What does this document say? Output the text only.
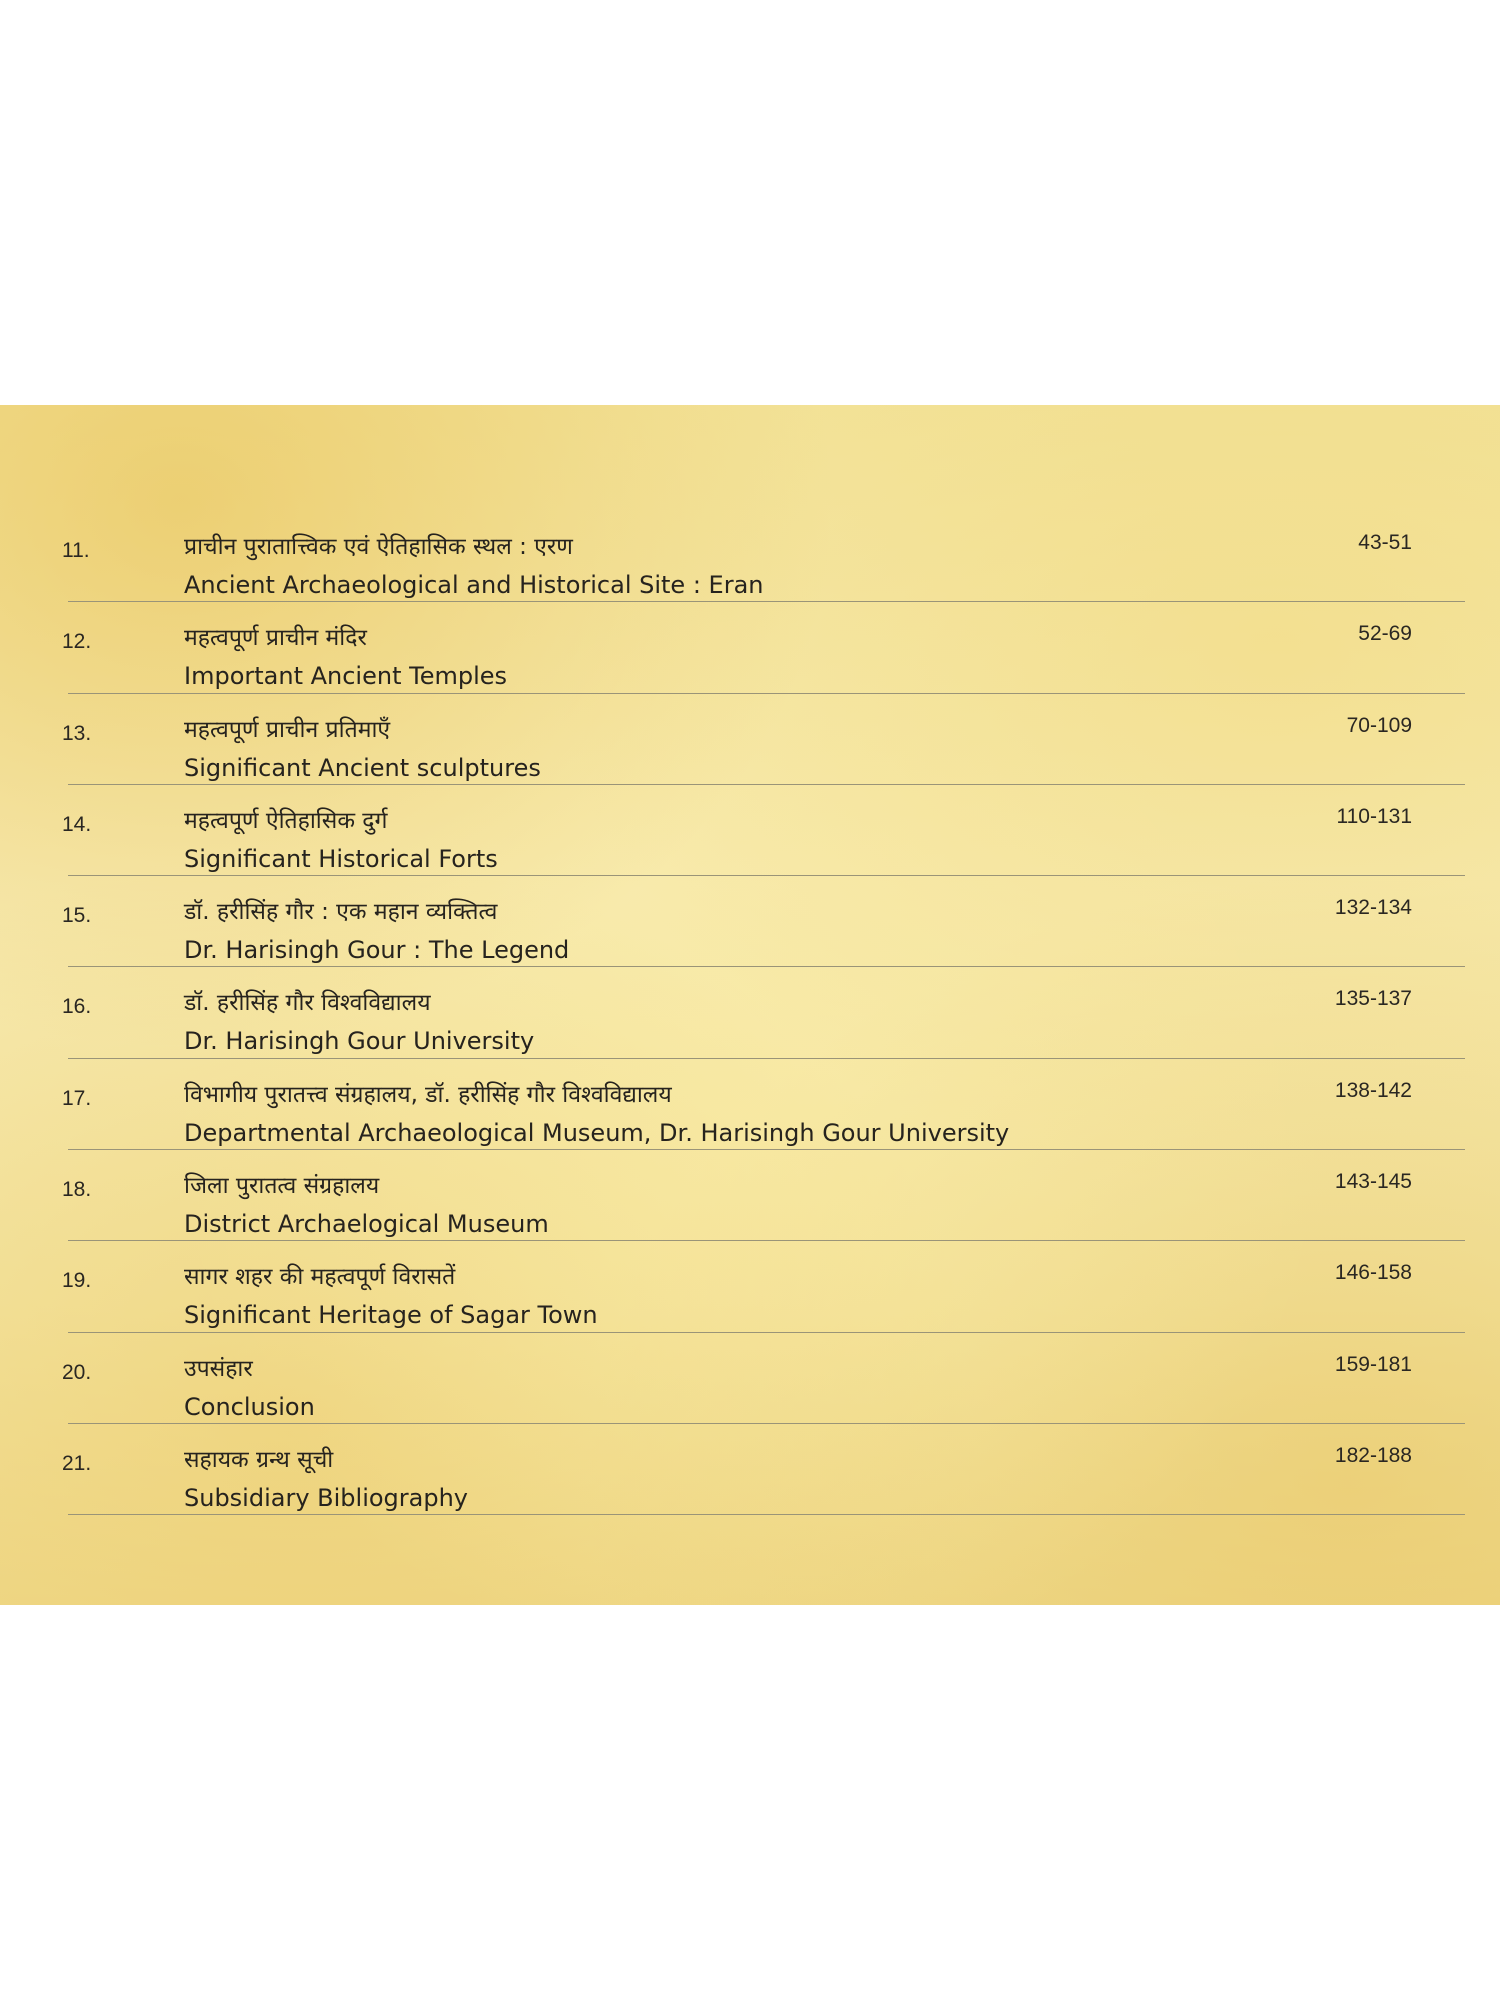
11.	प्राचीन पुरातात्त्विक एवं ऐतिहासिक स्थल : एरण
Ancient Archaeological and Historical Site : Eran
43-51
12.	महत्वपूर्ण प्राचीन मंदिर
Important Ancient Temples
52-69
13.	महत्वपूर्ण प्राचीन प्रतिमाएँ
Significant Ancient sculptures
70-109
14.	महत्वपूर्ण ऐतिहासिक दुर्ग
Significant Historical Forts
110-131
15.	डॉ. हरीसिंह गौर : एक महान व्यक्तित्व
Dr. Harisingh Gour : The Legend
132-134
16.	डॉ. हरीसिंह गौर विश्वविद्यालय
Dr. Harisingh Gour University
135-137
17.	विभागीय पुरातत्त्व संग्रहालय, डॉ. हरीसिंह गौर विश्वविद्यालय
Departmental Archaeological Museum, Dr. Harisingh Gour University
138-142
18.	जिला पुरातत्व संग्रहालय
District Archaelogical Museum
143-145
19.	सागर शहर की महत्वपूर्ण विरासतें
Significant Heritage of Sagar Town
146-158
20.	उपसंहार
Conclusion
159-181
21.	सहायक ग्रन्थ सूची
Subsidiary Bibliography
182-188
